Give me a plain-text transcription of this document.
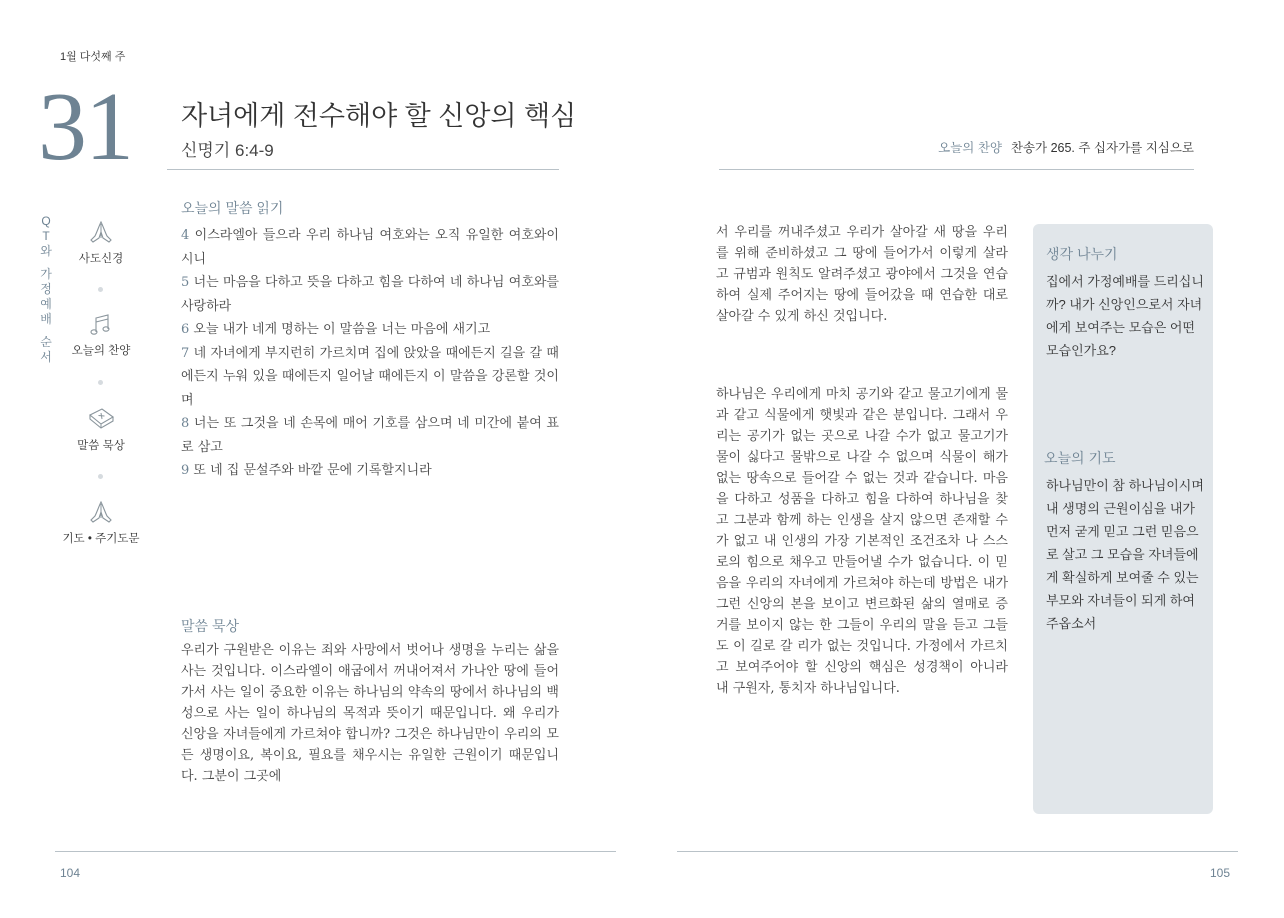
1월 다섯째 주
31 자녀에게 전수해야 할 신앙의 핵심
신명기 6:4-9
Q
T
와
가
정
예
배
순
서
사도신경
오늘의 찬양
말씀 묵상
기도 • 주기도문
오늘의 말씀 읽기
4 이스라엘아 들으라 우리 하나님 여호와는 오직 유일한 여호와이시니
5 너는 마음을 다하고 뜻을 다하고 힘을 다하여 네 하나님 여호와를 사랑하라
6 오늘 내가 네게 명하는 이 말씀을 너는 마음에 새기고
7 네 자녀에게 부지런히 가르치며 집에 앉았을 때에든지 길을 갈 때에든지 누워 있을 때에든지 일어날 때에든지 이 말씀을 강론할 것이며
8 너는 또 그것을 네 손목에 매어 기호를 삼으며 네 미간에 붙여 표로 삼고
9 또 네 집 문설주와 바깥 문에 기록할지니라
말씀 묵상
우리가 구원받은 이유는 죄와 사망에서 벗어나 생명을 누리는 삶을 사는 것입니다. 이스라엘이 애굽에서 꺼내어져서 가나안 땅에 들어가서 사는 일이 중요한 이유는 하나님의 약속의 땅에서 하나님의 백성으로 사는 일이 하나님의 목적과 뜻이기 때문입니다. 왜 우리가 신앙을 자녀들에게 가르쳐야 합니까? 그것은 하나님만이 우리의 모든 생명이요, 복이요, 필요를 채우시는 유일한 근원이기 때문입니다. 그분이 그곳에
104
오늘의 찬양 찬송가 265. 주 십자가를 지심으로
서 우리를 꺼내주셨고 우리가 살아갈 새 땅을 우리를 위해 준비하셨고 그 땅에 들어가서 이렇게 살라고 규범과 원칙도 알려주셨고 광야에서 그것을 연습하여 실제 주어지는 땅에 들어갔을 때 연습한 대로 살아갈 수 있게 하신 것입니다.
하나님은 우리에게 마치 공기와 같고 물고기에게 물과 같고 식물에게 햇빛과 같은 분입니다. 그래서 우리는 공기가 없는 곳으로 나갈 수가 없고 물고기가 물이 싫다고 물밖으로 나갈 수 없으며 식물이 해가 없는 땅속으로 들어갈 수 없는 것과 같습니다. 마음을 다하고 성품을 다하고 힘을 다하여 하나님을 찾고 그분과 함께 하는 인생을 살지 않으면 존재할 수가 없고 내 인생의 가장 기본적인 조건조차 나 스스로의 힘으로 채우고 만들어낼 수가 없습니다. 이 믿음을 우리의 자녀에게 가르쳐야 하는데 방법은 내가 그런 신앙의 본을 보이고 변르화된 삶의 열매로 증거를 보이지 않는 한 그들이 우리의 말을 듣고 그들도 이 길로 갈 리가 없는 것입니다. 가정에서 가르치고 보여주어야 할 신앙의 핵심은 성경책이 아니라 내 구원자, 통치자 하나님입니다.
생각 나누기
집에서 가정예배를 드리십니까? 내가 신앙인으로서 자녀에게 보여주는 모습은 어떤 모습인가요?
오늘의 기도
하나님만이 참 하나님이시며 내 생명의 근원이심을 내가 먼저 굳게 믿고 그런 믿음으로 살고 그 모습을 자녀들에게 확실하게 보여줄 수 있는 부모와 자녀들이 되게 하여 주옵소서
105
